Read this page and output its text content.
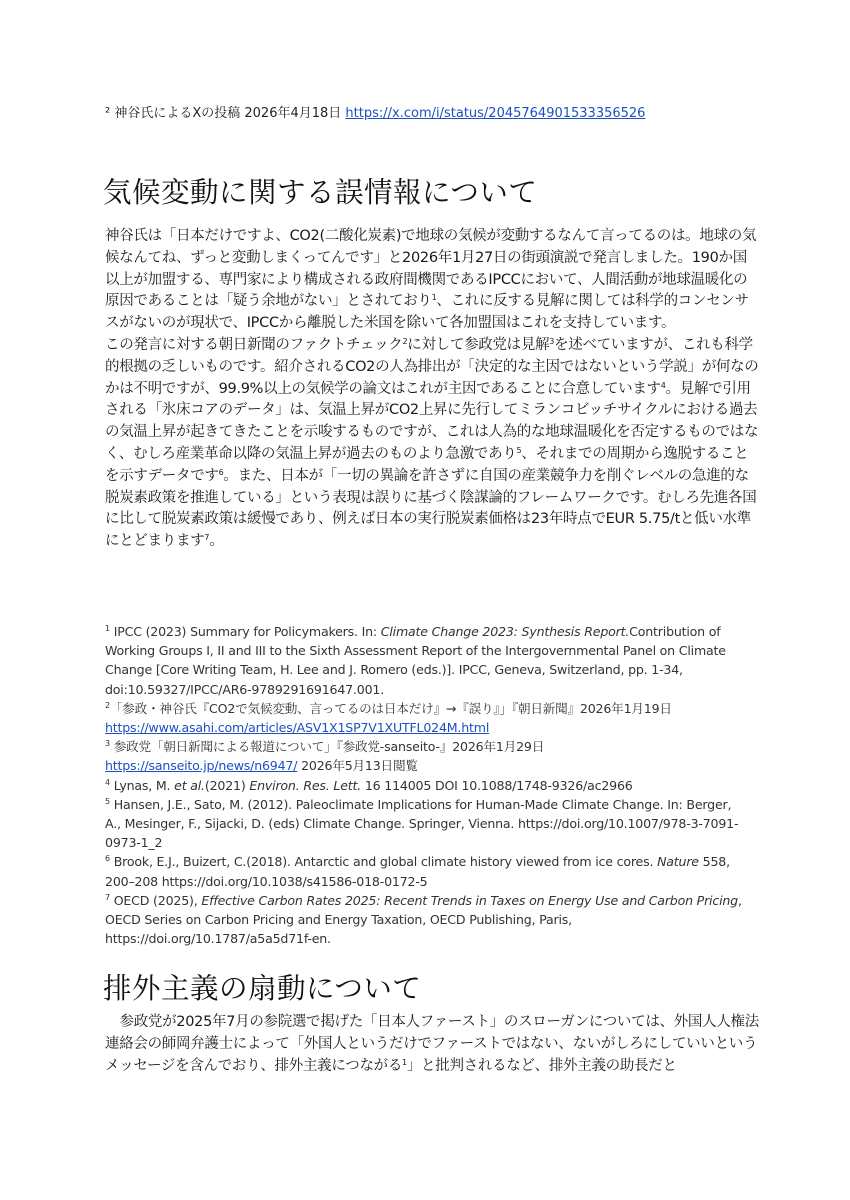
² 神谷氏によるXの投稿 2026年4月18日 https://x.com/i/status/2045764901533356526
気候変動に関する誤情報について

神谷氏は「日本だけですよ、CO2(二酸化炭素)で地球の気候が変動するなんて言ってるのは。地球の気候なんてね、ずっと変動しまくってんです」と2026年1月27日の街頭演説で発言しました。190か国以上が加盟する、専門家により構成される政府間機関であるIPCCにおいて、人間活動が地球温暖化の原因であることは「疑う余地がない」とされており$^1$、これに反する見解に関しては科学的コンセンサスがないのが現状で、IPCCから離脱した米国を除いて各加盟国はこれを支持しています。

この発言に対する朝日新聞のファクトチェック$^2$に対して参政党は見解$^3$を述べていますが、これも科学的根拠の乏しいものです。紹介されるCO2の人為排出が「決定的な主因ではないという学説」が何なのかは不明ですが、99.9%以上の気候学の論文はこれが主因であることに合意しています$^4$。見解で引用される「氷床コアのデータ」は、気温上昇がCO2上昇に先行してミランコビッチサイクルにおける過去の気温上昇が起きてきたことを示唆するものですが、これは人為的な地球温暖化を否定するものではなく、むしろ産業革命以降の気温上昇が過去のものより急激であり$^5$、それまでの周期から逸脱することを示すデータです$^6$。また、日本が「一切の異論を許さずに自国の産業競争力を削ぐレベルの急進的な脱炭素政策を推進している」という表現は誤りに基づく陰謀論的フレームワークです。むしろ先進各国に比して脱炭素政策は緩慢であり、例えば日本の実行脱炭素価格は23年時点でEUR 5.75/tと低い水準にとどまります$^7$。

$^1$ IPCC (2023) Summary for Policymakers. In: Climate Change 2023: Synthesis Report.Contribution of Working Groups I, II and III to the Sixth Assessment Report of the Intergovernmental Panel on Climate Change [Core Writing Team, H. Lee and J. Romero (eds.)]. IPCC, Geneva, Switzerland, pp. 1-34, doi:10.59327/IPCC/AR6-9789291691647.001.

$^2$「参政・神谷氏『CO2で気候変動、言ってるのは日本だけ』→『誤り』」『朝日新聞』2026年1月19日
https://www.asahi.com/articles/ASV1X1SP7V1XUTFL024M.html

$^3$ 参政党「朝日新聞による報道について」『参政党-sanseito-』2026年1月29日
https://sanseito.jp/news/n6947/ 2026年5月13日閲覧

$^4$ Lynas, M. et al.(2021) Environ. Res. Lett. 16 114005 DOI 10.1088/1748-9326/ac2966

$^5$ Hansen, J.E., Sato, M. (2012). Paleoclimate Implications for Human-Made Climate Change. In: Berger, A., Mesinger, F., Sijacki, D. (eds) Climate Change. Springer, Vienna. https://doi.org/10.1007/978-3-7091-0973-1_2

$^6$ Brook, E.J., Buizert, C.(2018). Antarctic and global climate history viewed from ice cores. Nature 558, 200–208 https://doi.org/10.1038/s41586-018-0172-5

$^7$ OECD (2025), Effective Carbon Rates 2025: Recent Trends in Taxes on Energy Use and Carbon Pricing, OECD Series on Carbon Pricing and Energy Taxation, OECD Publishing, Paris, https://doi.org/10.1787/a5a5d71f-en.

排外主義の扇動について

参政党が2025年7月の参院選で掲げた「日本人ファースト」のスローガンについては、外国人人権法連絡会の師岡弁護士によって「外国人というだけでファーストではない、ないがしろにしていいというメッセージを含んでおり、排外主義につながる$^1$」と批判されるなど、排外主義の助長だと
